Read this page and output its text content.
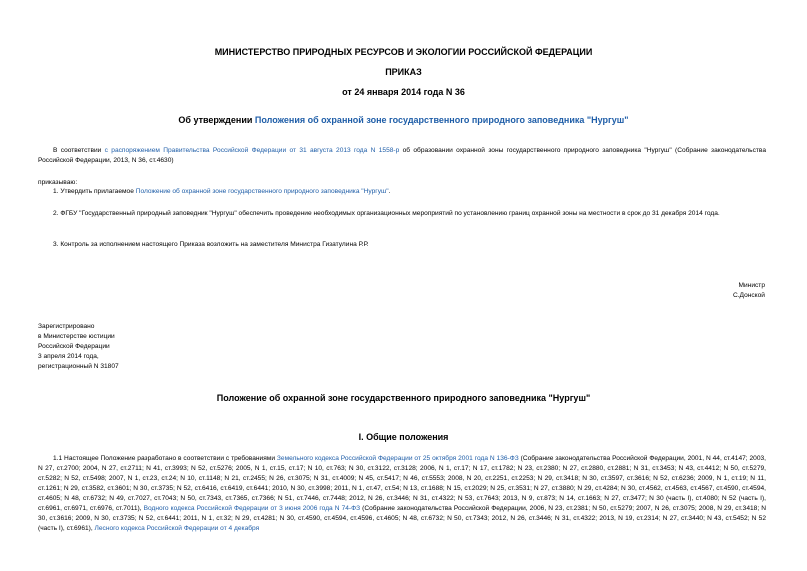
МИНИСТЕРСТВО ПРИРОДНЫХ РЕСУРСОВ И ЭКОЛОГИИ РОССИЙСКОЙ ФЕДЕРАЦИИ
ПРИКАЗ
от 24 января 2014 года N 36
Об утверждении Положения об охранной зоне государственного природного заповедника "Нургуш"
В соответствии с распоряжением Правительства Российской Федерации от 31 августа 2013 года N 1558-р об образовании охранной зоны государственного природного заповедника "Нургуш" (Собрание законодательства Российской Федерации, 2013, N 36, ст.4630)
приказываю:
1. Утвердить прилагаемое Положение об охранной зоне государственного природного заповедника "Нургуш".
2. ФГБУ "Государственный природный заповедник "Нургуш" обеспечить проведение необходимых организационных мероприятий по установлению границ охранной зоны на местности в срок до 31 декабря 2014 года.
3. Контроль за исполнением настоящего Приказа возложить на заместителя Министра Гизатулина Р.Р.
Министр
С.Донской
Зарегистрировано
в Министерстве юстиции
Российской Федерации
3 апреля 2014 года,
регистрационный N 31807
Положение об охранной зоне государственного природного заповедника "Нургуш"
I. Общие положения
1.1 Настоящее Положение разработано в соответствии с требованиями Земельного кодекса Российской Федерации от 25 октября 2001 года N 136-ФЗ (Собрание законодательства Российской Федерации, 2001, N 44, ст.4147; 2003, N 27, ст.2700; 2004, N 27, ст.2711; N 41, ст.3993; N 52, ст.5276; 2005, N 1, ст.15, ст.17; N 10, ст.763; N 30, ст.3122, ст.3128; 2006, N 1, ст.17; N 17, ст.1782; N 23, ст.2380; N 27, ст.2880, ст.2881; N 31, ст.3453; N 43, ст.4412; N 50, ст.5279, ст.5282; N 52, ст.5498; 2007, N 1, ст.23, ст.24; N 10, ст.1148; N 21, ст.2455; N 26, ст.3075; N 31, ст.4009; N 45, ст.5417; N 46, ст.5553; 2008, N 20, ст.2251, ст.2253; N 29, ст.3418; N 30, ст.3597, ст.3616; N 52, ст.6236; 2009, N 1, ст.19; N 11, ст.1261; N 29, ст.3582, ст.3601; N 30, ст.3735; N 52, ст.6416, ст.6419, ст.6441; 2010, N 30, ст.3998; 2011, N 1, ст.47, ст.54; N 13, ст.1688; N 15, ст.2029; N 25, ст.3531; N 27, ст.3880; N 29, ст.4284; N 30, ст.4562, ст.4563, ст.4567, ст.4590, ст.4594, ст.4605; N 48, ст.6732; N 49, ст.7027, ст.7043; N 50, ст.7343, ст.7365, ст.7366; N 51, ст.7446, ст.7448; 2012, N 26, ст.3446; N 31, ст.4322; N 53, ст.7643; 2013, N 9, ст.873; N 14, ст.1663; N 27, ст.3477; N 30 (часть I), ст.4080; N 52 (часть I), ст.6961, ст.6971, ст.6976, ст.7011), Водного кодекса Российской Федерации от 3 июня 2006 года N 74-ФЗ (Собрание законодательства Российской Федерации, 2006, N 23, ст.2381; N 50, ст.5279; 2007, N 26, ст.3075; 2008, N 29, ст.3418; N 30, ст.3616; 2009, N 30, ст.3735; N 52, ст.6441; 2011, N 1, ст.32; N 29, ст.4281; N 30, ст.4590, ст.4594, ст.4596, ст.4605; N 48, ст.6732; N 50, ст.7343; 2012, N 26, ст.3446; N 31, ст.4322; 2013, N 19, ст.2314; N 27, ст.3440; N 43, ст.5452; N 52 (часть I), ст.6961), Лесного кодекса Российской Федерации от 4 декабря
